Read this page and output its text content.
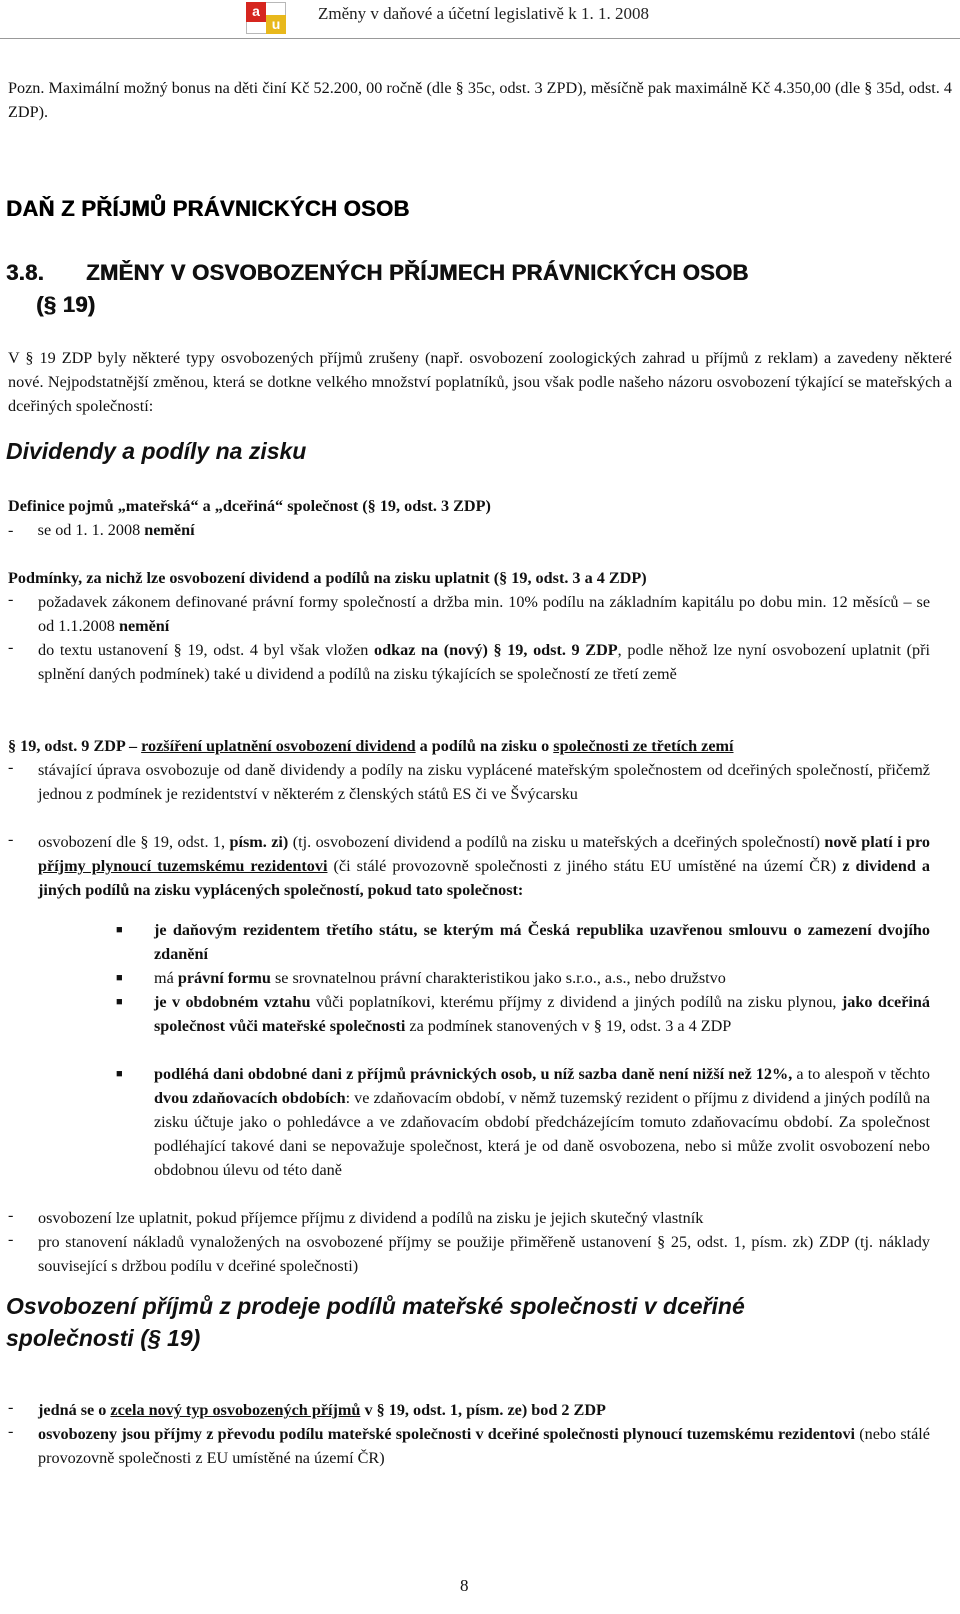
a
u
Změny v daňové a účetní legislativě k 1. 1. 2008

Pozn. Maximální možný bonus na děti činí Kč 52.200, 00 ročně (dle § 35c, odst. 3 ZPD), měsíčně pak maximálně Kč 4.350,00 (dle § 35d, odst. 4 ZDP).

DAŇ Z PŘÍJMŮ PRÁVNICKÝCH OSOB
3.8. ZMĚNY V OSVOBOZENÝCH PŘÍJMECH PRÁVNICKÝCH OSOB
(§ 19)

V § 19 ZDP byly některé typy osvobozených příjmů zrušeny (např. osvobození zoologických zahrad u příjmů z reklam) a zavedeny některé nové. Nejpodstatnější změnou, která se dotkne velkého množství poplatníků, jsou však podle našeho názoru osvobození týkající se mateřských a dceřiných společností:

Dividendy a podíly na zisku

Definice pojmů „mateřská“ a „dceřiná“ společnost (§ 19, odst. 3 ZDP)

- se od 1. 1. 2008 nemění

Podmínky, za nichž lze osvobození dividend a podílů na zisku uplatnit (§ 19, odst. 3 a 4 ZDP)

- požadavek zákonem definované právní formy společností a držba min. 10% podílu na základním kapitálu po dobu min. 12 měsíců – se od 1.1.2008 nemění

- do textu ustanovení § 19, odst. 4 byl však vložen odkaz na (nový) § 19, odst. 9 ZDP, podle něhož lze nyní osvobození uplatnit (při splnění daných podmínek) také u dividend a podílů na zisku týkajících se společností ze třetí země

§ 19, odst. 9 ZDP – rozšíření uplatnění osvobození dividend a podílů na zisku o společnosti ze třetích zemí

- stávající úprava osvobozuje od daně dividendy a podíly na zisku vyplácené mateřským společnostem od dceřiných společností, přičemž jednou z podmínek je rezidentství v některém z členských států ES či ve Švýcarsku

- osvobození dle § 19, odst. 1, písm. zi) (tj. osvobození dividend a podílů na zisku u mateřských a dceřiných společností) nově platí i pro příjmy plynoucí tuzemskému rezidentovi (či stálé provozovně společnosti z jiného státu EU umístěné na území ČR) z dividend a jiných podílů na zisku vyplácených společností, pokud tato společnost:

■ je daňovým rezidentem třetího státu, se kterým má Česká republika uzavřenou smlouvu o zamezení dvojího zdanění

■ má právní formu se srovnatelnou právní charakteristikou jako s.r.o., a.s., nebo družstvo

■ je v obdobném vztahu vůči poplatníkovi, kterému příjmy z dividend a jiných podílů na zisku plynou, jako dceřiná společnost vůči mateřské společnosti za podmínek stanovených v § 19, odst. 3 a 4 ZDP

■ podléhá dani obdobné dani z příjmů právnických osob, u níž sazba daně není nižší než 12%, a to alespoň v těchto dvou zdaňovacích obdobích: ve zdaňovacím období, v němž tuzemský rezident o příjmu z dividend a jiných podílů na zisku účtuje jako o pohledávce a ve zdaňovacím období předcházejícím tomuto zdaňovacímu období. Za společnost podléhající takové dani se nepovažuje společnost, která je od daně osvobozena, nebo si může zvolit osvobození nebo obdobnou úlevu od této daně

- osvobození lze uplatnit, pokud příjemce příjmu z dividend a podílů na zisku je jejich skutečný vlastník

- pro stanovení nákladů vynaložených na osvobozené příjmy se použije přiměřeně ustanovení § 25, odst. 1, písm. zk) ZDP (tj. náklady související s držbou podílu v dceřiné společnosti)

Osvobození příjmů z prodeje podílů mateřské společnosti v dceřiné společnosti (§ 19)
- jedná se o zcela nový typ osvobozených příjmů v § 19, odst. 1, písm. ze) bod 2 ZDP

- osvobozeny jsou příjmy z převodu podílu mateřské společnosti v dceřiné společnosti plynoucí tuzemskému rezidentovi (nebo stálé provozovně společnosti z EU umístěné na území ČR)

8
